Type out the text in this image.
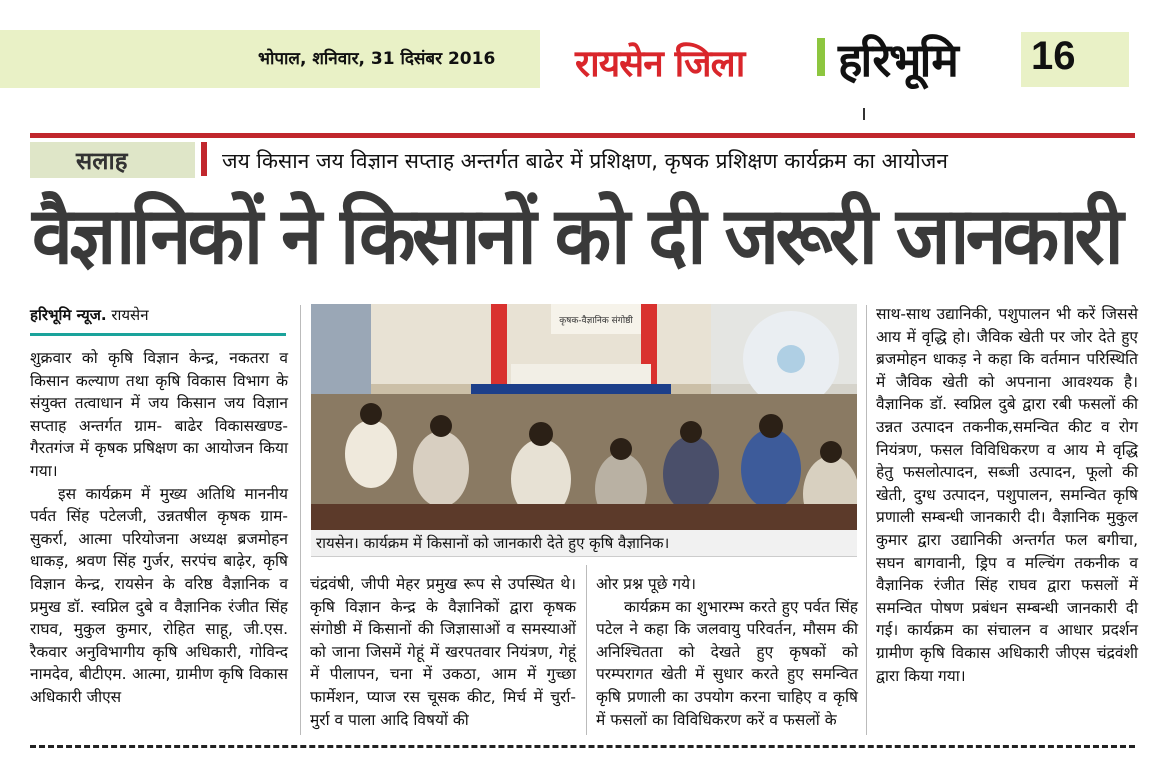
भोपाल, शनिवार, 31 दिसंबर 2016 रायसेन जिला हरिभूमि 16
सलाह	जय किसान जय विज्ञान सप्ताह अन्तर्गत बाढेर में प्रशिक्षण, कृषक प्रशिक्षण कार्यक्रम का आयोजन
वैज्ञानिकों ने किसानों को दी जरूरी जानकारी
हरिभूमि न्यूज. रायसेन

शुक्रवार को कृषि विज्ञान केन्द्र, नकतरा व किसान कल्याण तथा कृषि विकास विभाग के संयुक्त तत्वाधान में जय किसान जय विज्ञान सप्ताह अन्तर्गत ग्राम- बाढेर विकासखण्ड- गैरतगंज में कृषक प्रषिक्षण का आयोजन किया गया।

इस कार्यक्रम में मुख्य अतिथि माननीय पर्वत सिंह पटेलजी, उन्नतषील कृषक ग्राम- सुकर्रा, आत्मा परियोजना अध्यक्ष ब्रजमोहन धाकड़, श्रवण सिंह गुर्जर, सरपंच बाढ़ेर, कृषि विज्ञान केन्द्र, रायसेन के वरिष्ठ वैज्ञानिक व प्रमुख डॉ. स्वप्निल दुबे व वैज्ञानिक रंजीत सिंह राघव, मुकुल कुमार, रोहित साहू, जी.एस. रैकवार अनुविभागीय कृषि अधिकारी, गोविन्द नामदेव, बीटीएम. आत्मा, ग्रामीण कृषि विकास अधिकारी जीएस

कृषक-वैज्ञानिक संगोष्ठी
रायसेन। कार्यक्रम में किसानों को जानकारी देते हुए कृषि वैज्ञानिक।

चंद्रवंषी, जीपी मेहर प्रमुख रूप से उपस्थित थे। कृषि विज्ञान केन्द्र के वैज्ञानिकों द्वारा कृषक संगोष्ठी में किसानों की जिज्ञासाओं व समस्याओं को जाना जिसमें गेहूं में खरपतवार नियंत्रण, गेहूं में पीलापन, चना में उकठा, आम में गुच्छा फार्मेशन, प्याज रस चूसक कीट, मिर्च में चुर्रा-मुर्रा व पाला आदि विषयों की

ओर प्रश्न पूछे गये।

कार्यक्रम का शुभारम्भ करते हुए पर्वत सिंह पटेल ने कहा कि जलवायु परिवर्तन, मौसम की अनिश्चितता को देखते हुए कृषकों को परम्परागत खेती में सुधार करते हुए समन्वित कृषि प्रणाली का उपयोग करना चाहिए व कृषि में फसलों का विविधिकरण करें व फसलों के

साथ-साथ उद्यानिकी, पशुपालन भी करें जिससे आय में वृद्धि हो। जैविक खेती पर जोर देते हुए ब्रजमोहन धाकड़ ने कहा कि वर्तमान परिस्थिति में जैविक खेती को अपनाना आवश्यक है। वैज्ञानिक डॉ. स्वप्निल दुबे द्वारा रबी फसलों की उन्नत उत्पादन तकनीक,समन्वित कीट व रोग नियंत्रण, फसल विविधिकरण व आय मे वृद्धि हेतु फसलोत्पादन, सब्जी उत्पादन, फूलो की खेती, दुग्ध उत्पादन, पशुपालन, समन्वित कृषि प्रणाली सम्बन्धी जानकारी दी। वैज्ञानिक मुकुल कुमार द्वारा उद्यानिकी अन्तर्गत फल बगीचा, सघन बागवानी, ड्रिप व मल्चिंग तकनीक व वैज्ञानिक रंजीत सिंह राघव द्वारा फसलों में समन्वित पोषण प्रबंधन सम्बन्धी जानकारी दी गई। कार्यक्रम का संचालन व आधार प्रदर्शन ग्रामीण कृषि विकास अधिकारी जीएस चंद्रवंशी द्वारा किया गया।
